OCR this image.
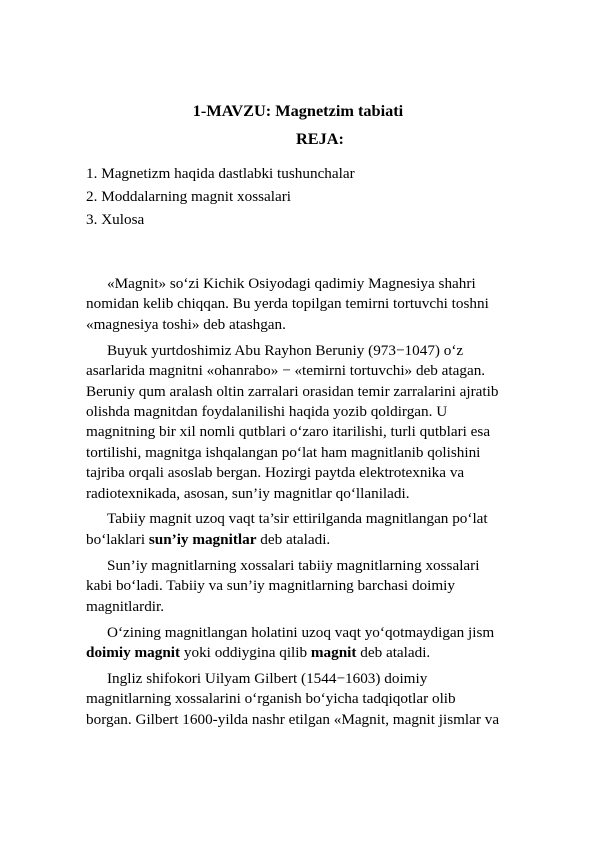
1-MAVZU: Magnetzim tabiati
REJA:
1. Magnetizm haqida dastlabki tushunchalar
2. Moddalarning magnit xossalari
3. Xulosa
«Magnit» so‘zi Kichik Osiyodagi qadimiy Magnesiya shahri
nomidan kelib chiqqan. Bu yerda topilgan temirni tortuvchi toshni
«magnesiya toshi» deb atashgan.
Buyuk yurtdoshimiz Abu Rayhon Beruniy (973−1047) o‘z
asarlarida magnitni «ohanrabo» − «temirni tortuvchi» deb atagan.
Beruniy qum aralash oltin zarralari orasidan temir zarralarini ajratib
olishda magnitdan foydalanilishi haqida yozib qoldirgan. U
magnitning bir xil nomli qutblari o‘zaro itarilishi, turli qutblari esa
tortilishi, magnitga ishqalangan po‘lat ham magnitlanib qolishini
tajriba orqali asoslab bergan. Hozirgi paytda elektrotexnika va
radiotexnikada, asosan, sun’iy magnitlar qo‘llaniladi.
Tabiiy magnit uzoq vaqt ta’sir ettirilganda magnitlangan po‘lat
bo‘laklari sun’iy magnitlar deb ataladi.
Sun’iy magnitlarning xossalari tabiiy magnitlarning xossalari
kabi bo‘ladi. Tabiiy va sun’iy magnitlarning barchasi doimiy
magnitlardir.
O‘zining magnitlangan holatini uzoq vaqt yo‘qotmaydigan jism
doimiy magnit yoki oddiygina qilib magnit deb ataladi.
Ingliz shifokori Uilyam Gilbert (1544−1603) doimiy
magnitlarning xossalarini o‘rganish bo‘yicha tadqiqotlar olib
borgan. Gilbert 1600-yilda nashr etilgan «Magnit, magnit jismlar va
